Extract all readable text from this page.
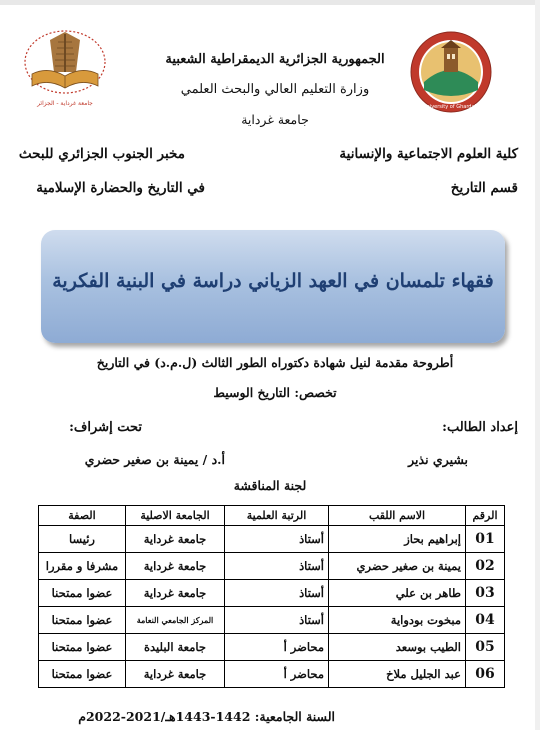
جامعة غرداية - الجزائر	University of Ghardaia
الجمهورية الجزائرية الديمقراطية الشعبية
وزارة التعليم العالي والبحث العلمي
جامعة غرداية
كلية العلوم الاجتماعية والإنسانية
قسم التاريخ
مخبر الجنوب الجزائري للبحث
في التاريخ والحضارة الإسلامية
فقهاء تلمسان في العهد الزياني دراسة في البنية الفكرية
أطروحة مقدمة لنيل شهادة دكتوراه الطور الثالث (ل.م.د) في التاريخ
تخصص: التاريخ الوسيط
إعداد الطالب:
تحت إشراف:
بشيري نذير
أ.د / يمينة بن صغير حضري
لجنة المناقشة
الرقم	الاسم اللقب	الرتبة العلمية	الجامعة الاصلية	الصفة
01	إبراهيم بحاز	أستاذ	جامعة غرداية	رئيسا
02	يمينة بن صغير حضري	أستاذ	جامعة غرداية	مشرفا و مقررا
03	طاهر بن علي	أستاذ	جامعة غرداية	عضوا ممتحنا
04	مبخوت بودواية	أستاذ	المركز الجامعي النعامة	عضوا ممتحنا
05	الطيب بوسعد	محاضر أ	جامعة البليدة	عضوا ممتحنا
06	عبد الجليل ملاخ	محاضر أ	جامعة غرداية	عضوا ممتحنا
السنة الجامعية: 1442-1443هـ/2021-2022م
